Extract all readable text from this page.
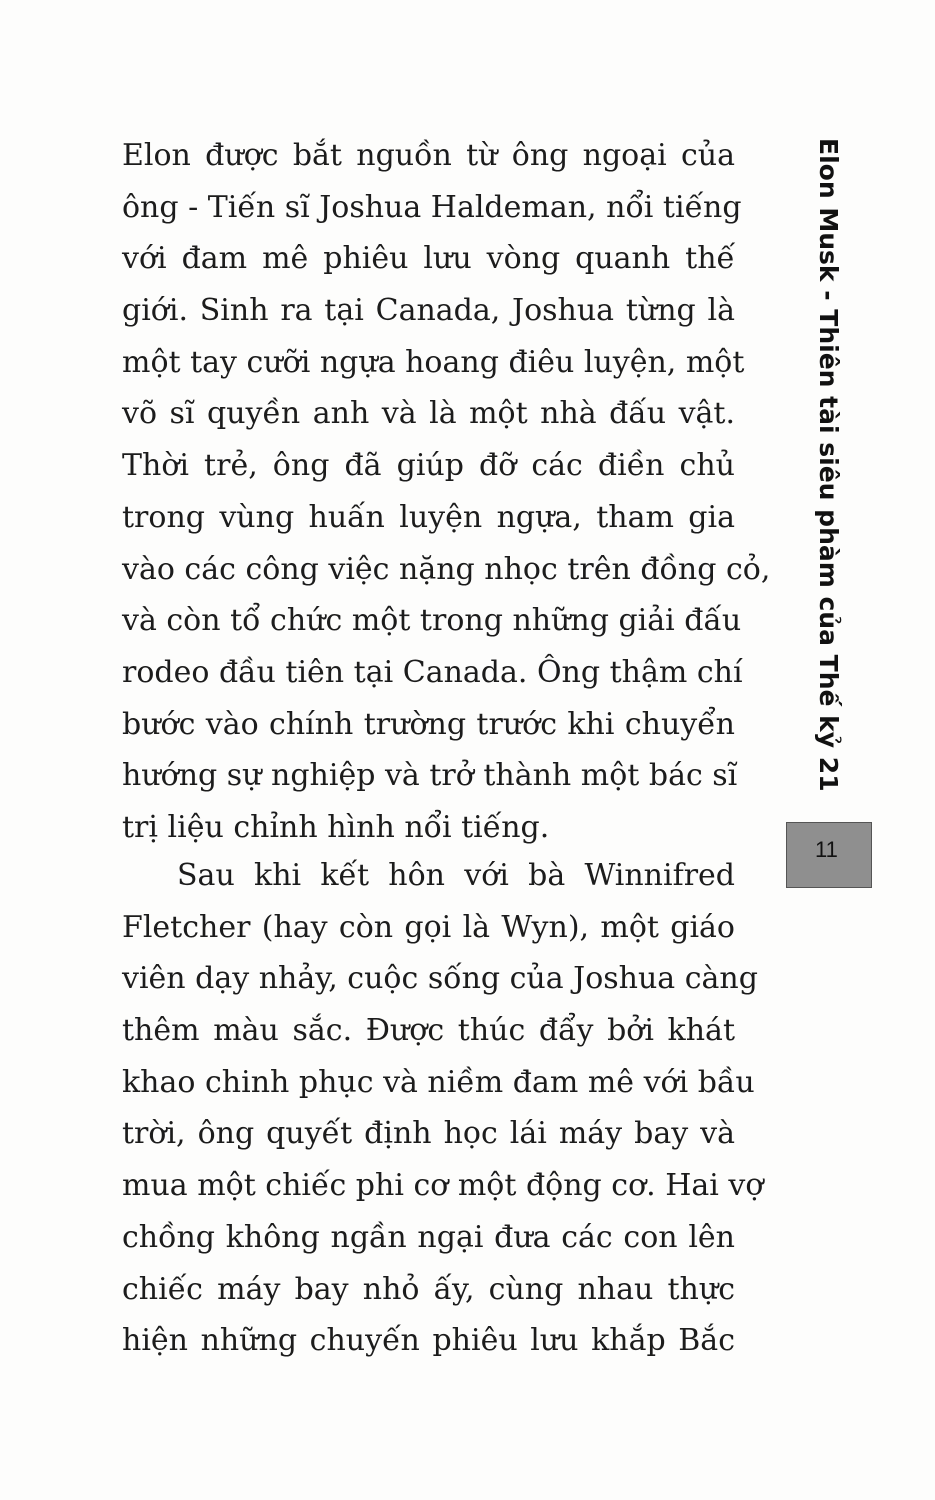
Elon được bắt nguồn từ ông ngoại của
ông - Tiến sĩ Joshua Haldeman, nổi tiếng
với đam mê phiêu lưu vòng quanh thế
giới. Sinh ra tại Canada, Joshua từng là
một tay cưỡi ngựa hoang điêu luyện, một
võ sĩ quyền anh và là một nhà đấu vật.
Thời trẻ, ông đã giúp đỡ các điền chủ
trong vùng huấn luyện ngựa, tham gia
vào các công việc nặng nhọc trên đồng cỏ,
và còn tổ chức một trong những giải đấu
rodeo đầu tiên tại Canada. Ông thậm chí
bước vào chính trường trước khi chuyển
hướng sự nghiệp và trở thành một bác sĩ
trị liệu chỉnh hình nổi tiếng.

Sau khi kết hôn với bà Winnifred
Fletcher (hay còn gọi là Wyn), một giáo
viên dạy nhảy, cuộc sống của Joshua càng
thêm màu sắc. Được thúc đẩy bởi khát
khao chinh phục và niềm đam mê với bầu
trời, ông quyết định học lái máy bay và
mua một chiếc phi cơ một động cơ. Hai vợ
chồng không ngần ngại đưa các con lên
chiếc máy bay nhỏ ấy, cùng nhau thực
hiện những chuyến phiêu lưu khắp Bắc

Elon Musk - Thiên tài siêu phàm của Thế kỷ 21
11
